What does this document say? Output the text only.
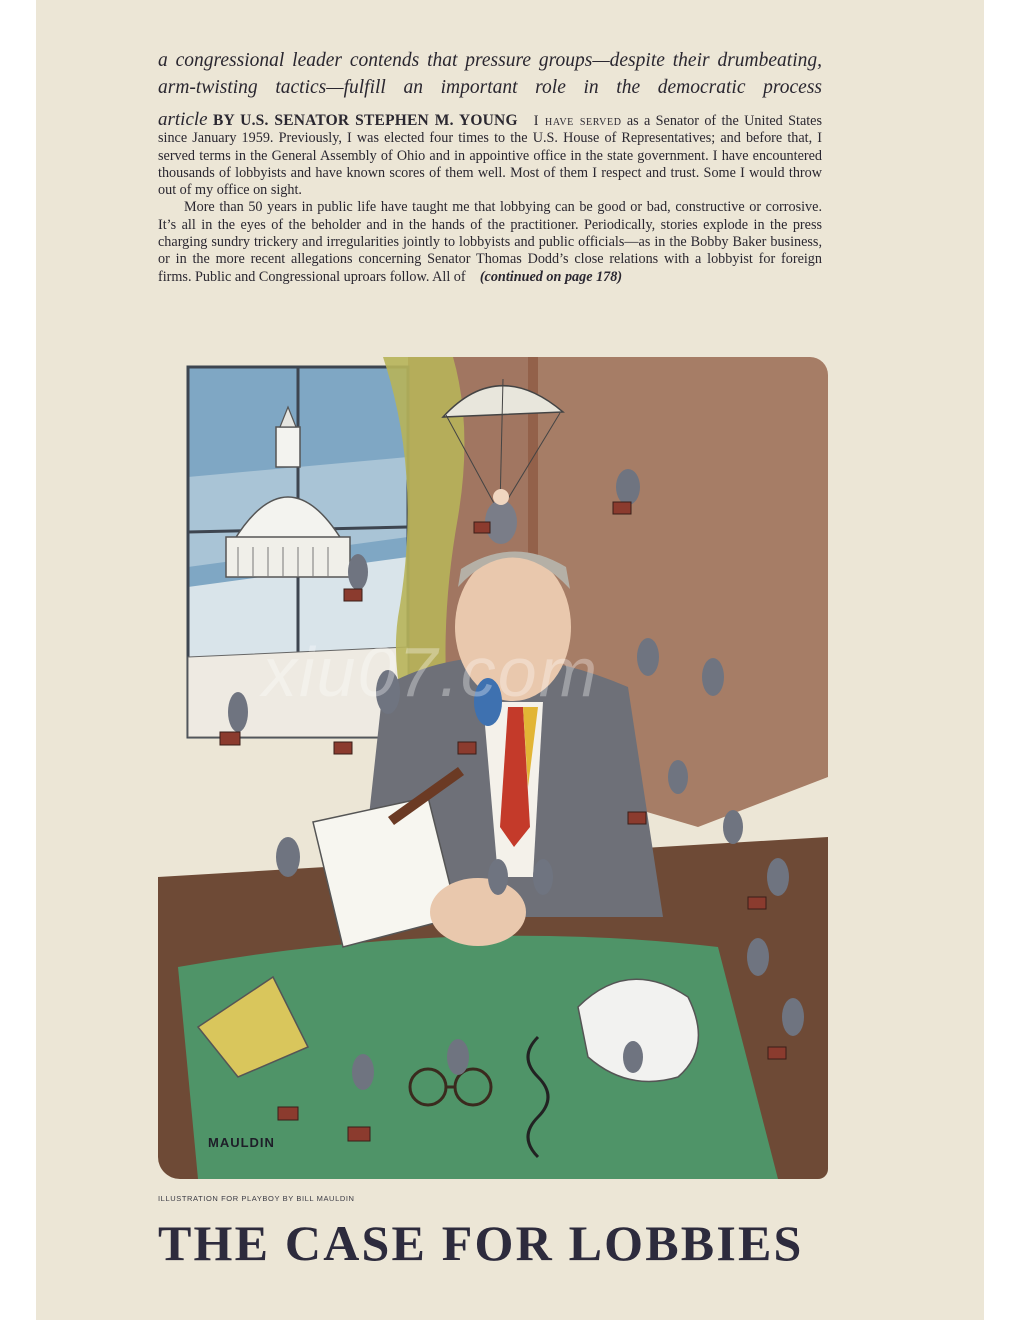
a congressional leader contends that pressure groups—despite their drumbeating,
arm-twisting tactics—fulfill an important role in the democratic process

article BY U.S. SENATOR STEPHEN M. YOUNG I have served as a Senator of the United States since January 1959. Previously, I was elected four times to the U.S. House of Representatives; and before that, I served terms in the General Assembly of Ohio and in appointive office in the state government. I have encountered thousands of lobbyists and have known scores of them well. Most of them I respect and trust. Some I would throw out of my office on sight.

More than 50 years in public life have taught me that lobbying can be good or bad, constructive or corrosive. It’s all in the eyes of the beholder and in the hands of the practitioner. Periodically, stories explode in the press charging sundry trickery and irregularities jointly to lobbyists and public officials—as in the Bobby Baker business, or in the more recent allegations concerning Senator Thomas Dodd’s close relations with a lobbyist for foreign firms. Public and Congressional uproars follow. All of    (continued on page 178)

MAULDIN
xiu07.com
ILLUSTRATION FOR PLAYBOY BY BILL MAULDIN
THE CASE FOR LOBBIES
